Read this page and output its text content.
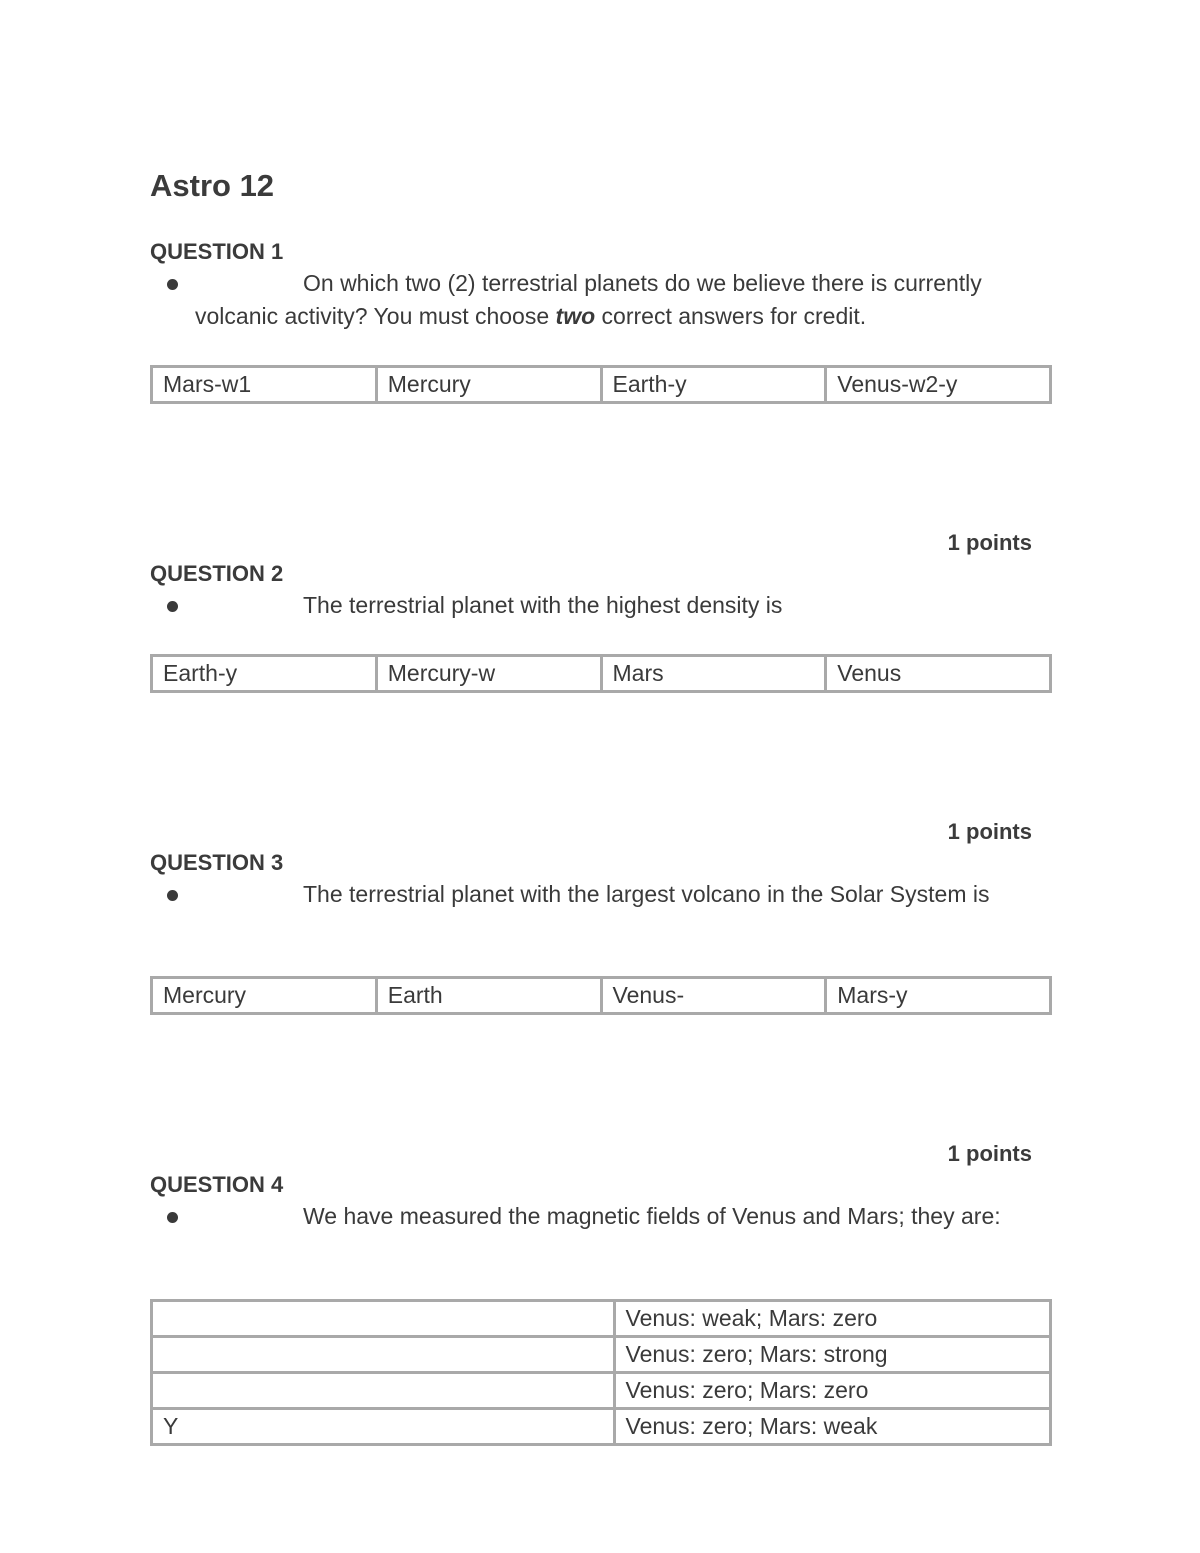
Astro 12
QUESTION 1
On which two (2) terrestrial planets do we believe there is currently volcanic activity? You must choose two correct answers for credit.
Mars-w1	Mercury	Earth-y	Venus-w2-y
1 points
QUESTION 2
The terrestrial planet with the highest density is
Earth-y	Mercury-w	Mars	Venus
1 points
QUESTION 3
The terrestrial planet with the largest volcano in the Solar System is
Mercury	Earth	Venus-	Mars-y
1 points
QUESTION 4
We have measured the magnetic fields of Venus and Mars; they are:
	Venus: weak; Mars: zero
	Venus: zero; Mars: strong
	Venus: zero; Mars: zero
Y	Venus: zero; Mars: weak
